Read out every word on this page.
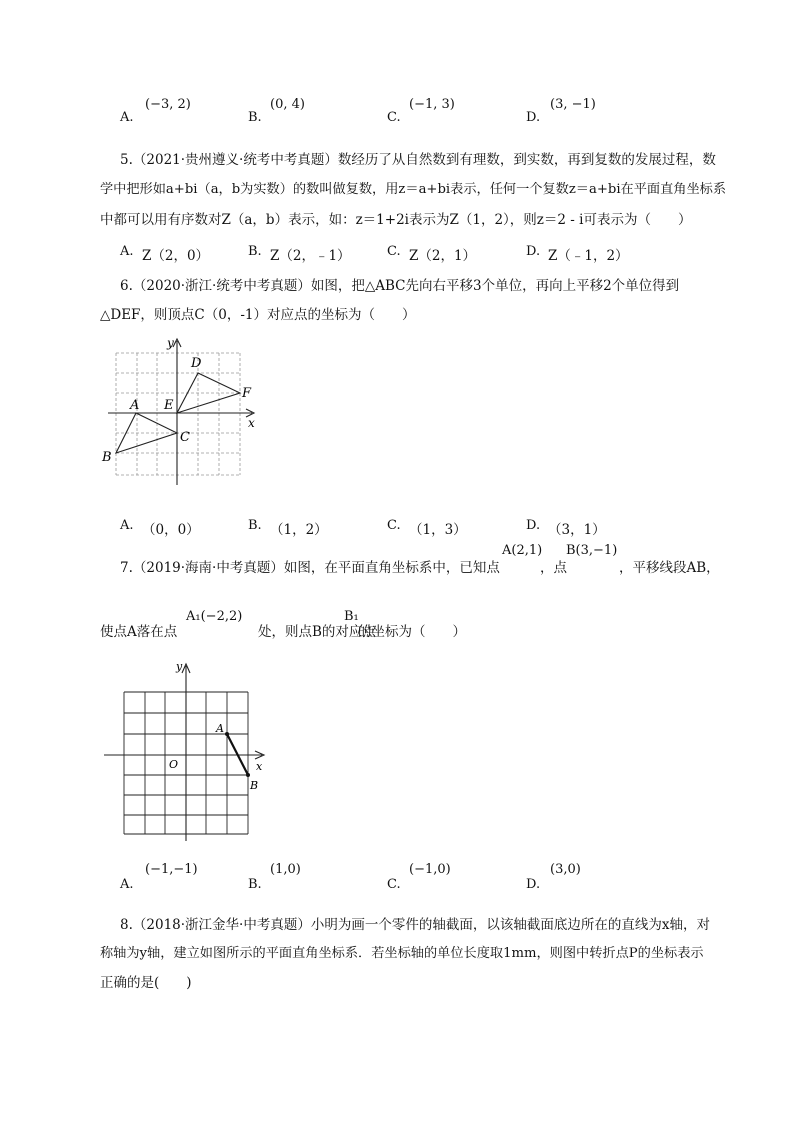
A.
(−3, 2)
B.
(0, 4)
C.
(−1, 3)
D.
(3, −1)
5.（2021·贵州遵义·统考中考真题）数经历了从自然数到有理数，到实数，再到复数的发展过程，数
学中把形如a+bi（a，b为实数）的数叫做复数，用z＝a+bi表示，任何一个复数z＝a+bi在平面直角坐标系
中都可以用有序数对Z（a，b）表示，如：z＝1+2i表示为Z（1，2），则z＝2 - i可表示为（　　）
A. Z（2，0）	B. Z（2，﹣1）	C. Z（2，1）	D. Z（﹣1，2）
6.（2020·浙江·统考中考真题）如图，把△ABC先向右平移3个单位，再向上平移2个单位得到
△DEF，则顶点C（0，-1）对应点的坐标为（　　）
y
x
A
B
C
D
E
F
A. （0，0）	B. （1，2）	C. （1，3）	D. （3，1）
7.（2019·海南·中考真题）如图，在平面直角坐标系中，已知点
A(2,1)
，点
B(3,−1)
，平移线段AB，
使点A落在点
A₁(−2,2)
处，则点B的对应点
B₁
的坐标为（　　）
y
x
O
A
B
A.
(−1,−1)
B.
(1,0)
C.
(−1,0)
D.
(3,0)
8.（2018·浙江金华·中考真题）小明为画一个零件的轴截面，以该轴截面底边所在的直线为x轴，对
称轴为y轴，建立如图所示的平面直角坐标系．若坐标轴的单位长度取1mm，则图中转折点P的坐标表示
正确的是(　　)
